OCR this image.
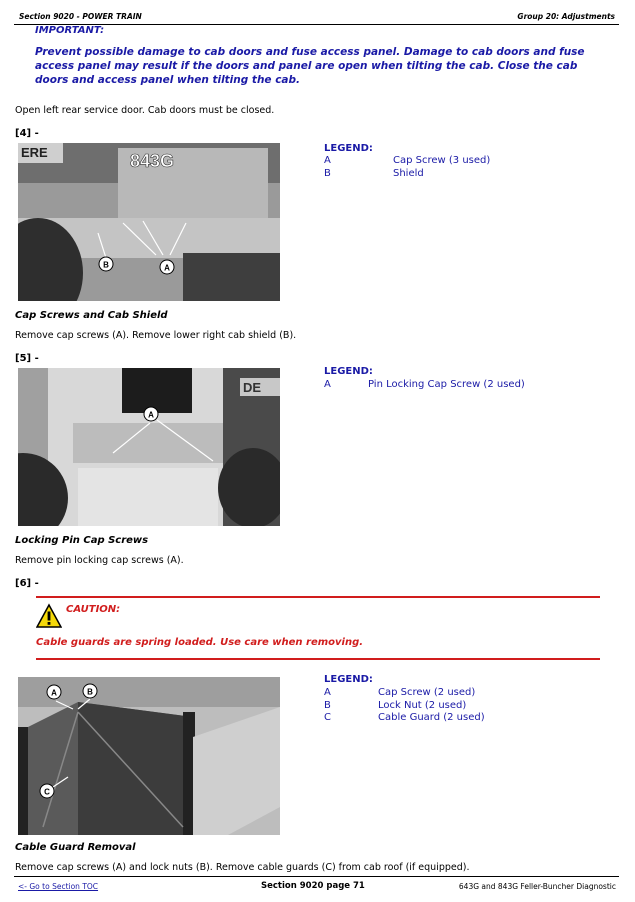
Section 9020 - POWER TRAIN	Group 20: Adjustments
IMPORTANT:
Prevent possible damage to cab doors and fuse access panel. Damage to cab doors and fuse access panel may result if the doors and panel are open when tilting the cab. Close the cab doors and access panel when tilting the cab.
Open left rear service door. Cab doors must be closed.
[4] -
ERE	843G
B	A
LEGEND:
A	Cap Screw (3 used)
B	Shield
Cap Screws and Cab Shield
Remove cap screws (A). Remove lower right cab shield (B).
[5] -
DE
A
LEGEND:
A	Pin Locking Cap Screw (2 used)
Locking Pin Cap Screws
Remove pin locking cap screws (A).
[6] -
CAUTION:
Cable guards are spring loaded. Use care when removing.
A	B
C
LEGEND:
A	Cap Screw (2 used)
B	Lock Nut (2 used)
C	Cable Guard (2 used)
Cable Guard Removal
Remove cap screws (A) and lock nuts (B). Remove cable guards (C) from cab roof (if equipped).
<- Go to Section TOC	Section 9020 page 71	643G and 843G Feller-Buncher Diagnostic
